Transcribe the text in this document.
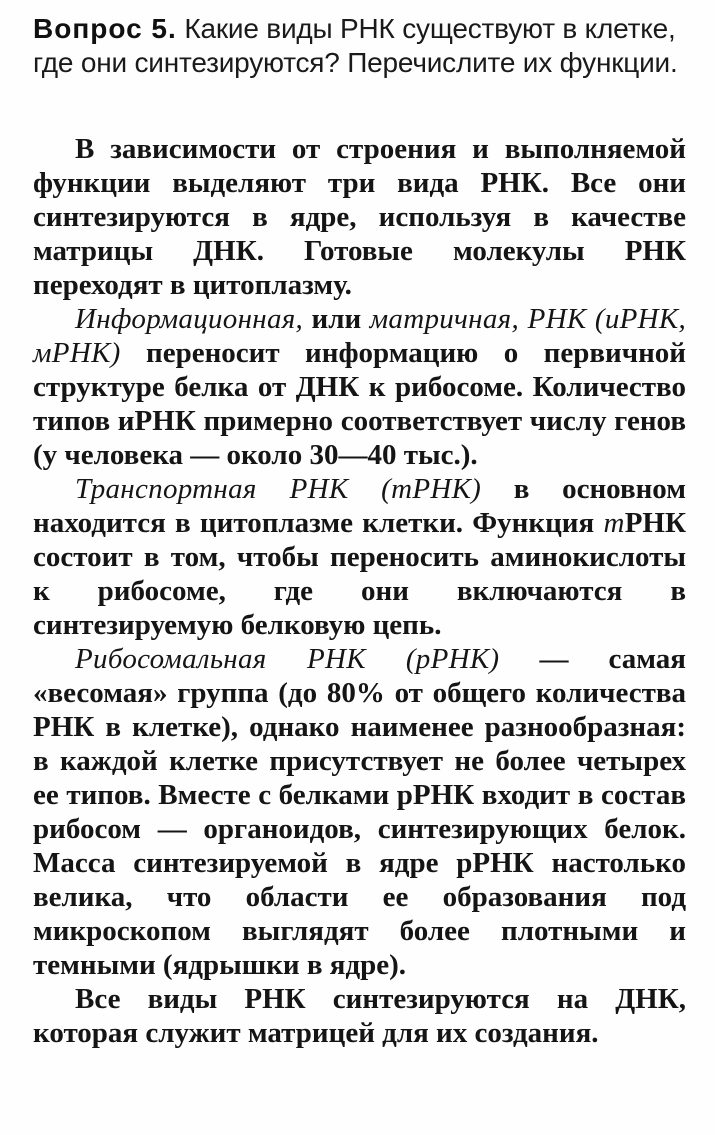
Вопрос 5. Какие виды РНК существуют в клетке, где они синтезируются? Перечислите их функции.

В зависимости от строения и выполняемой функции выделяют три вида РНК. Все они синтезируются в ядре, используя в качестве матрицы ДНК. Готовые молекулы РНК переходят в цитоплазму.

Информационная, или матричная, РНК (иРНК, мРНК) переносит информацию о первичной структуре белка от ДНК к рибосоме. Количество типов иРНК примерно соответствует числу генов (у человека — около 30—40 тыс.).

Транспортная РНК (тРНК) в основном находится в цитоплазме клетки. Функция тРНК состоит в том, чтобы переносить аминокислоты к рибосоме, где они включаются в синтезируемую белковую цепь.

Рибосомальная РНК (рРНК) — самая «весомая» группа (до 80% от общего количества РНК в клетке), однако наименее разнообразная: в каждой клетке присутствует не более четырех ее типов. Вместе с белками рРНК входит в состав рибосом — органоидов, синтезирующих белок. Масса синтезируемой в ядре рРНК настолько велика, что области ее образования под микроскопом выглядят более плотными и темными (ядрышки в ядре).

Все виды РНК синтезируются на ДНК, которая служит матрицей для их создания.
